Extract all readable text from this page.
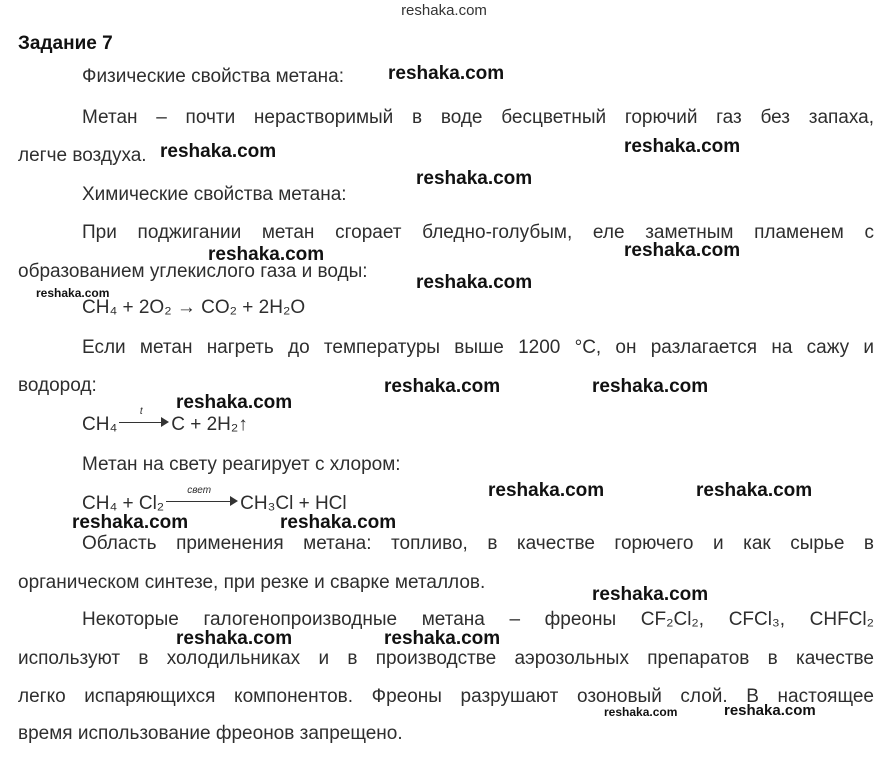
reshaka.com
Задание 7
Физические свойства метана:
Метан – почти нерастворимый в воде бесцветный горючий газ без запаха,
легче воздуха.
Химические свойства метана:
При поджигании метан сгорает бледно-голубым, еле заметным пламенем с
образованием углекислого газа и воды:
CH₄ + 2O₂ → CO₂ + 2H₂O
Если метан нагреть до температуры выше 1200 °С, он разлагается на сажу и
водород:
CH₄
t
C + 2H₂↑
Метан на свету реагирует с хлором:
CH₄ + Cl₂
свет
CH₃Cl + HCl
Область применения метана: топливо, в качестве горючего и как сырье в
органическом синтезе, при резке и сварке металлов.
Некоторые галогенопроизводные метана – фреоны CF₂Cl₂, CFCl₃, CHFCl₂
используют в холодильниках и в производстве аэрозольных препаратов в качестве
легко испаряющихся компонентов. Фреоны разрушают озоновый слой. В настоящее
время использование фреонов запрещено.
reshaka.com
reshaka.com	reshaka.com
reshaka.com
reshaka.com	reshaka.com
reshaka.com
reshaka.com
reshaka.com	reshaka.com
reshaka.com
reshaka.com	reshaka.com
reshaka.com	reshaka.com
reshaka.com
reshaka.com	reshaka.com
reshaka.com	reshaka.com
